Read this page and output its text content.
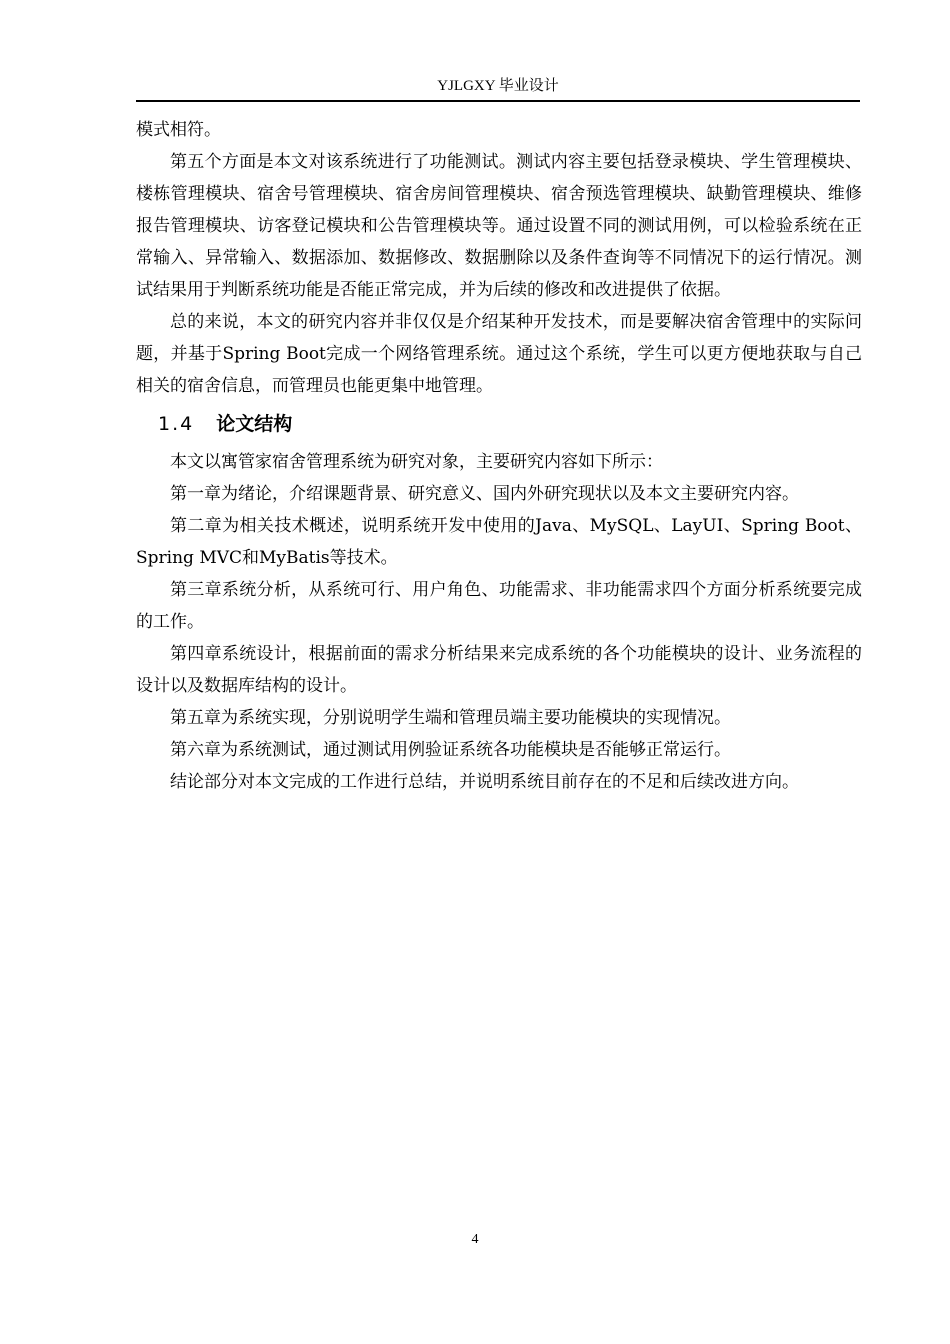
YJLGXY 毕业设计

模式相符。

第五个方面是本文对该系统进行了功能测试。测试内容主要包括登录模块、学生管理模块、楼栋管理模块、宿舍号管理模块、宿舍房间管理模块、宿舍预选管理模块、缺勤管理模块、维修报告管理模块、访客登记模块和公告管理模块等。通过设置不同的测试用例，可以检验系统在正常输入、异常输入、数据添加、数据修改、数据删除以及条件查询等不同情况下的运行情况。测试结果用于判断系统功能是否能正常完成，并为后续的修改和改进提供了依据。

总的来说，本文的研究内容并非仅仅是介绍某种开发技术，而是要解决宿舍管理中的实际问题，并基于Spring Boot完成一个网络管理系统。通过这个系统，学生可以更方便地获取与自己相关的宿舍信息，而管理员也能更集中地管理。

1.4 论文结构

本文以寓管家宿舍管理系统为研究对象，主要研究内容如下所示：

第一章为绪论，介绍课题背景、研究意义、国内外研究现状以及本文主要研究内容。

第二章为相关技术概述，说明系统开发中使用的Java、MySQL、LayUI、Spring Boot、Spring MVC和MyBatis等技术。

第三章系统分析，从系统可行、用户角色、功能需求、非功能需求四个方面分析系统要完成的工作。

第四章系统设计，根据前面的需求分析结果来完成系统的各个功能模块的设计、业务流程的设计以及数据库结构的设计。

第五章为系统实现，分别说明学生端和管理员端主要功能模块的实现情况。

第六章为系统测试，通过测试用例验证系统各功能模块是否能够正常运行。

结论部分对本文完成的工作进行总结，并说明系统目前存在的不足和后续改进方向。

4
